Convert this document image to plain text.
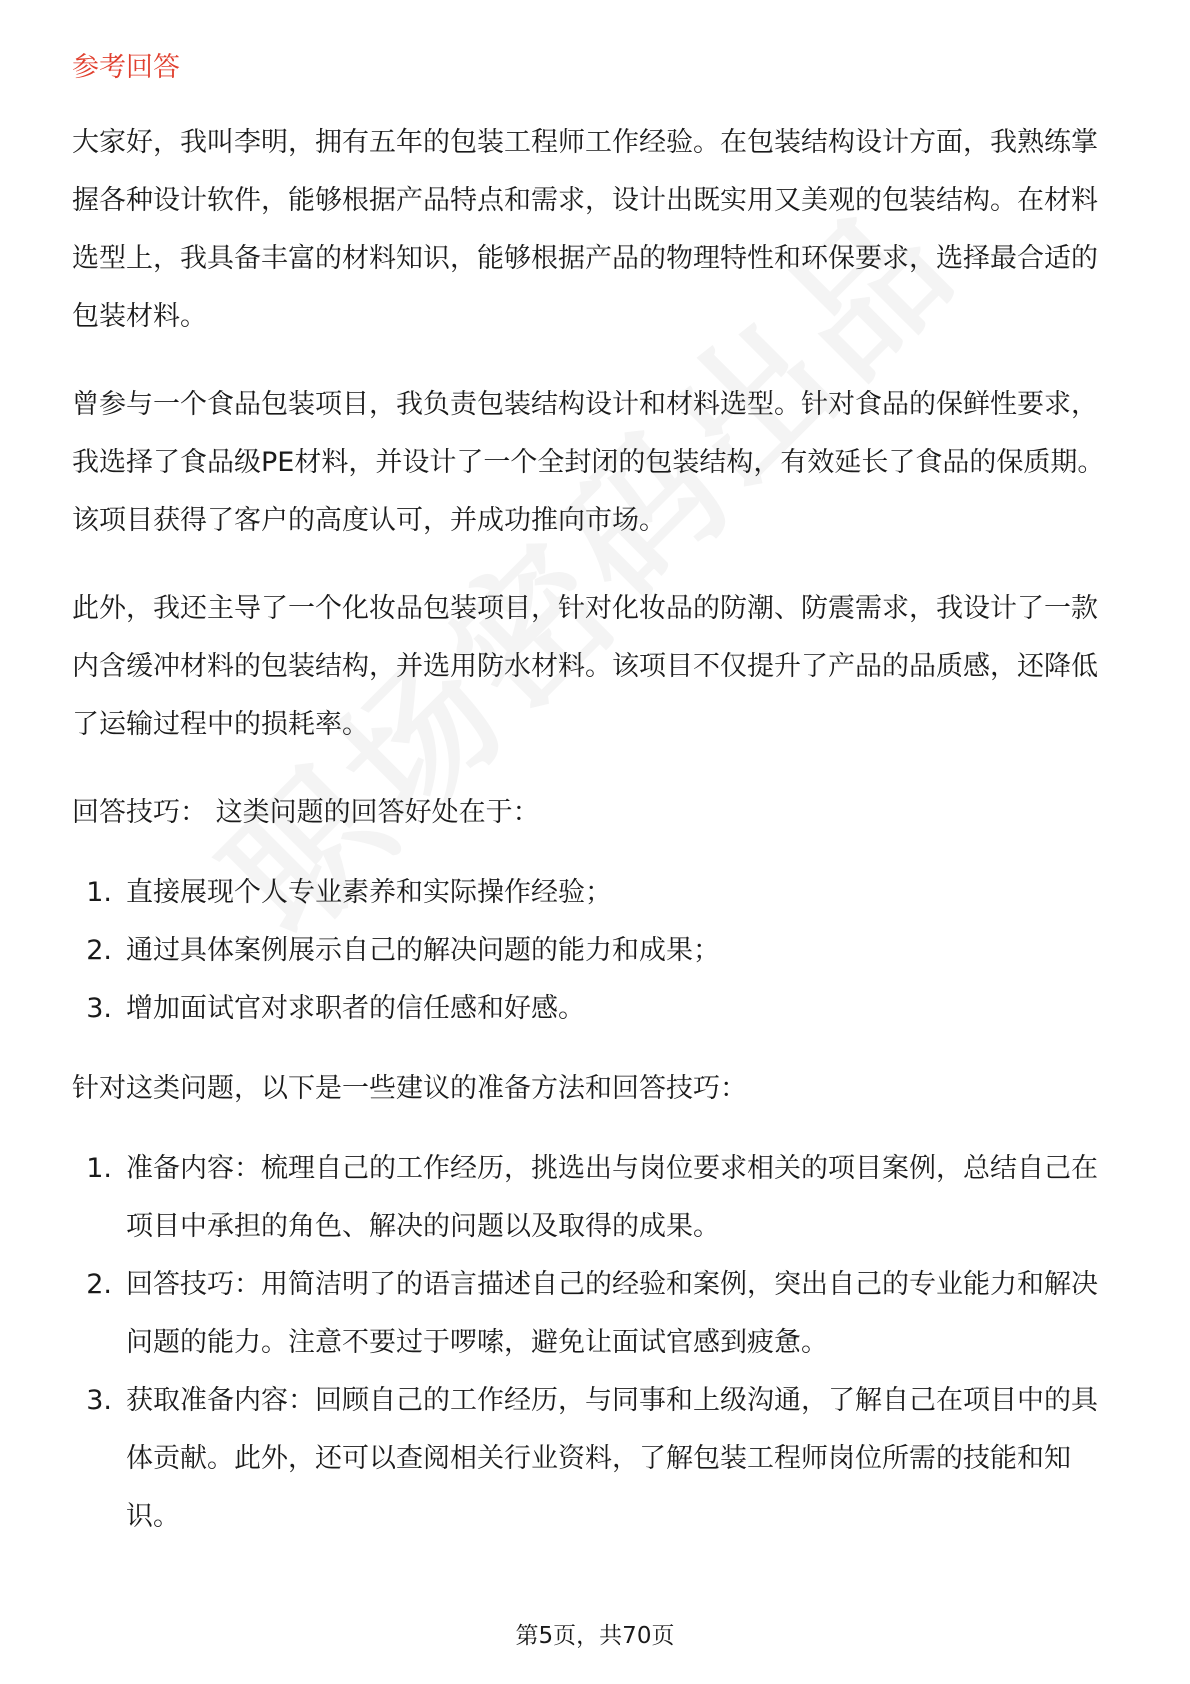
参考回答

大家好，我叫李明，拥有五年的包装工程师工作经验。在包装结构设计方面，我熟练掌握各种设计软件，能够根据产品特点和需求，设计出既实用又美观的包装结构。在材料选型上，我具备丰富的材料知识，能够根据产品的物理特性和环保要求，选择最合适的包装材料。

曾参与一个食品包装项目，我负责包装结构设计和材料选型。针对食品的保鲜性要求，我选择了食品级PE材料，并设计了一个全封闭的包装结构，有效延长了食品的保质期。该项目获得了客户的高度认可，并成功推向市场。

此外，我还主导了一个化妆品包装项目，针对化妆品的防潮、防震需求，我设计了一款内含缓冲材料的包装结构，并选用防水材料。该项目不仅提升了产品的品质感，还降低了运输过程中的损耗率。

回答技巧： 这类问题的回答好处在于：

1. 直接展现个人专业素养和实际操作经验；
2. 通过具体案例展示自己的解决问题的能力和成果；
3. 增加面试官对求职者的信任感和好感。

针对这类问题，以下是一些建议的准备方法和回答技巧：

1. 准备内容：梳理自己的工作经历，挑选出与岗位要求相关的项目案例，总结自己在项目中承担的角色、解决的问题以及取得的成果。
2. 回答技巧：用简洁明了的语言描述自己的经验和案例，突出自己的专业能力和解决问题的能力。注意不要过于啰嗦，避免让面试官感到疲惫。
3. 获取准备内容：回顾自己的工作经历，与同事和上级沟通，了解自己在项目中的具体贡献。此外，还可以查阅相关行业资料，了解包装工程师岗位所需的技能和知识。
第5页，共70页
